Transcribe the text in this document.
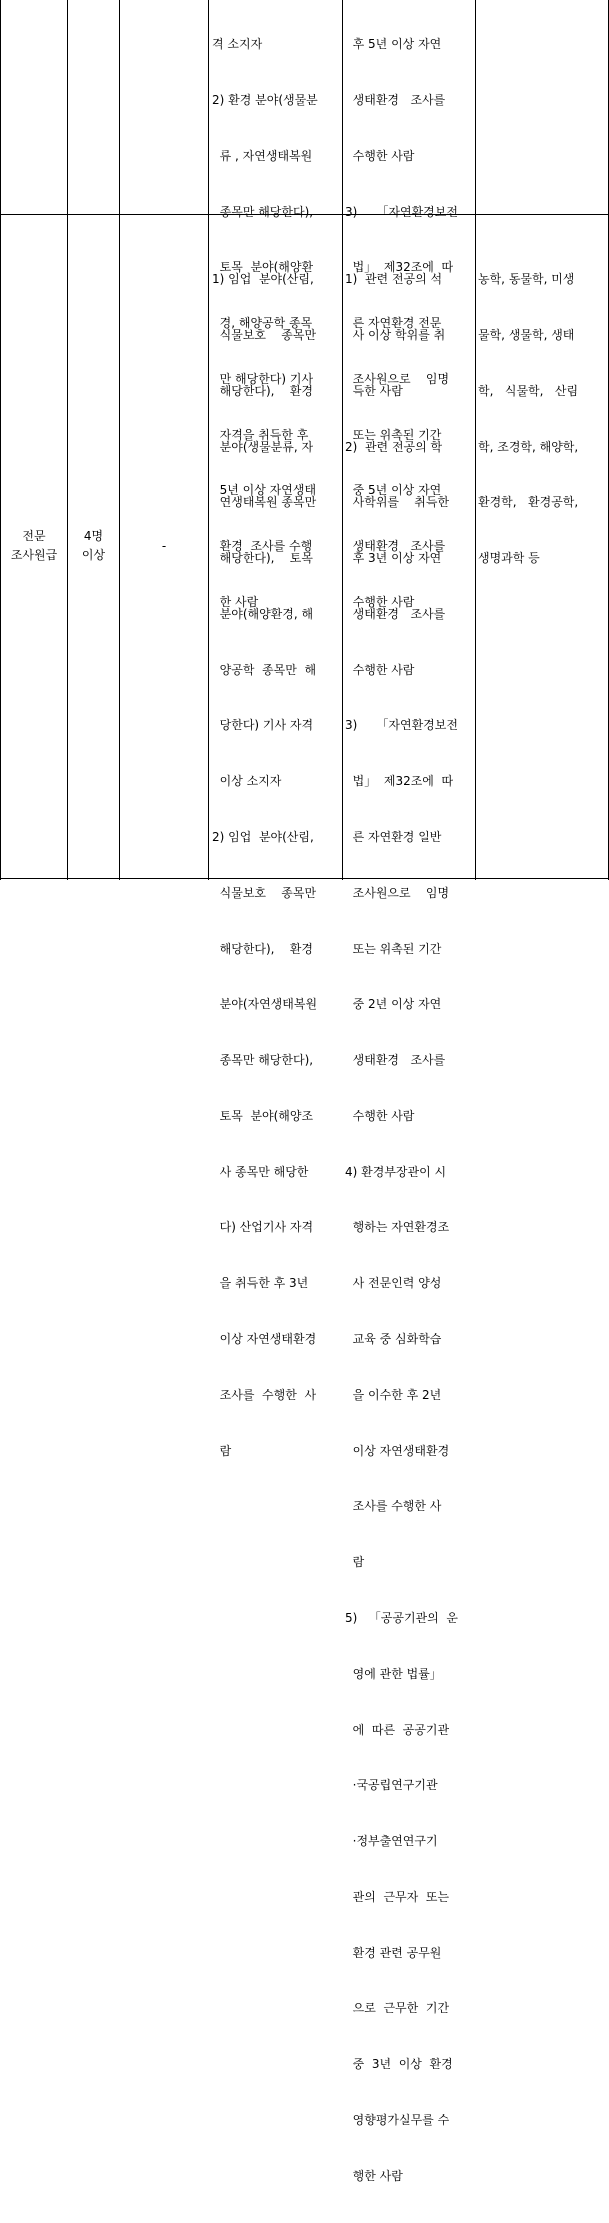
격 소지자

2) 환경 분야(생물분

류 , 자연생태복원

종목만 해당한다),

토목  분야(해양환

경, 해양공학 종목

만 해당한다) 기사

자격을 취득한 후

5년 이상 자연생태

환경  조사를 수행

한 사람

후 5년 이상 자연

생태환경   조사를

수행한 사람

3)     「자연환경보전

법」  제32조에  따

른 자연환경 전문

조사원으로    임명

또는 위촉된 기간

중 5년 이상 자연

생태환경   조사를

수행한 사람

전문
조사원급
4명
이상
-

1) 임업  분야(산림,

식물보호    종목만

해당한다),    환경

분야(생물분류, 자

연생태복원 종목만

해당한다),    토목

분야(해양환경, 해

양공학  종목만  해

당한다) 기사 자격

이상 소지자

2) 임업  분야(산림,

식물보호    종목만

해당한다),    환경

분야(자연생태복원

종목만 해당한다),

토목  분야(해양조

사 종목만 해당한

다) 산업기사 자격

을 취득한 후 3년

이상 자연생태환경

조사를  수행한  사

람

1)  관련 전공의 석

사 이상 학위를 취

득한 사람

2)  관련 전공의 학

사학위를    취득한

후 3년 이상 자연

생태환경   조사를

수행한 사람

3)     「자연환경보전

법」  제32조에  따

른 자연환경 일반

조사원으로    임명

또는 위촉된 기간

중 2년 이상 자연

생태환경   조사를

수행한 사람

4) 환경부장관이 시

행하는 자연환경조

사 전문인력 양성

교육 중 심화학습

을 이수한 후 2년

이상 자연생태환경

조사를 수행한 사

람

5)   「공공기관의  운

영에 관한 법률」

에  따른  공공기관

·국공립연구기관

·정부출연연구기

관의  근무자  또는

환경 관련 공무원

으로  근무한  기간

중  3년  이상  환경

영향평가실무를 수

행한 사람

농학, 동물학, 미생

물학, 생물학, 생태

학,   식물학,   산림

학, 조경학, 해양학,

환경학,   환경공학,

생명과학 등
